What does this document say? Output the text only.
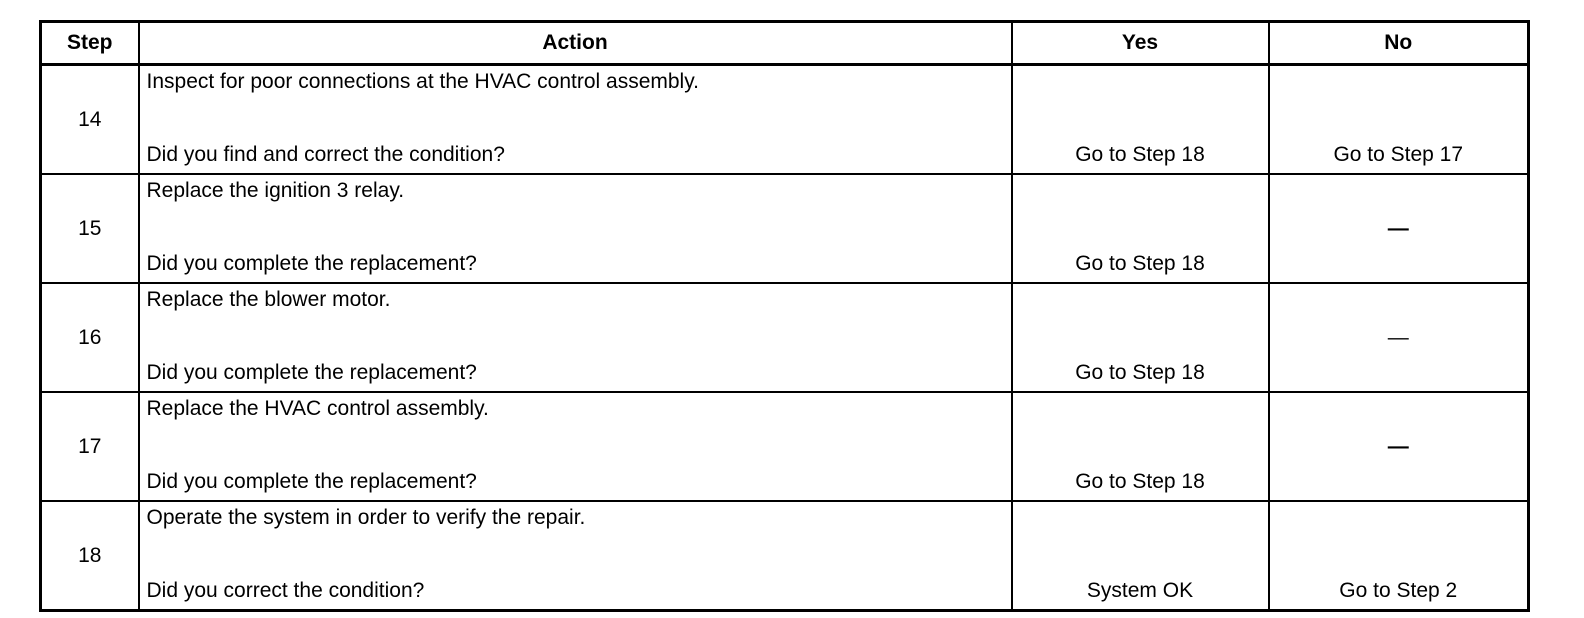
Step	Action	Yes	No
14	Inspect for poor connections at the HVAC control assembly.
Did you find and correct the condition?	Go to Step 18	Go to Step 17

15	Replace the ignition 3 relay.
Did you complete the replacement?	Go to Step 18	—
16	Replace the blower motor.
Did you complete the replacement?	Go to Step 18	—
17	Replace the HVAC control assembly.
Did you complete the replacement?	Go to Step 18	—
18	Operate the system in order to verify the repair.
Did you correct the condition?	System OK	Go to Step 2
